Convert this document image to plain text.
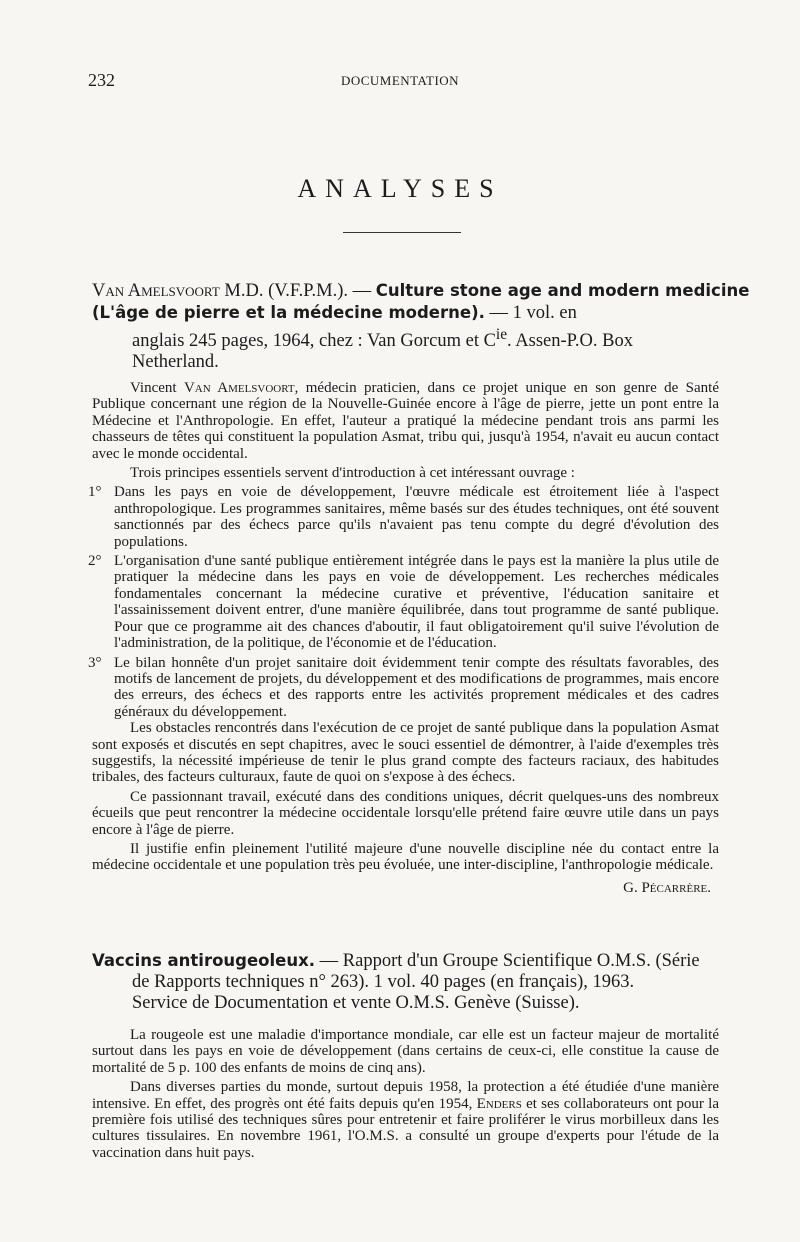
232	DOCUMENTATION
ANALYSES
Van Amelsvoort M.D. (V.F.P.M.). — Culture stone age and modern medicine (L'âge de pierre et la médecine moderne). — 1 vol. en
anglais 245 pages, 1964, chez : Van Gorcum et $C^{ie}$. Assen-P.O. Box
Netherland.

Vincent Van Amelsvoort, médecin praticien, dans ce projet unique en son genre de Santé Publique concernant une région de la Nouvelle-Guinée encore à l'âge de pierre, jette un pont entre la Médecine et l'Anthropologie. En effet, l'auteur a pratiqué la médecine pendant trois ans parmi les chasseurs de têtes qui constituent la population Asmat, tribu qui, jusqu'à 1954, n'avait eu aucun contact avec le monde occidental.

Trois principes essentiels servent d'introduction à cet intéressant ouvrage :

1° Dans les pays en voie de développement, l'œuvre médicale est étroitement liée à l'aspect anthropologique. Les programmes sanitaires, même basés sur des études techniques, ont été souvent sanctionnés par des échecs parce qu'ils n'avaient pas tenu compte du degré d'évolution des populations.
2° L'organisation d'une santé publique entièrement intégrée dans le pays est la manière la plus utile de pratiquer la médecine dans les pays en voie de développement. Les recherches médicales fondamentales concernant la médecine curative et préventive, l'éducation sanitaire et l'assainissement doivent entrer, d'une manière équilibrée, dans tout programme de santé publique. Pour que ce programme ait des chances d'aboutir, il faut obligatoirement qu'il suive l'évolution de l'administration, de la politique, de l'économie et de l'éducation.
3° Le bilan honnête d'un projet sanitaire doit évidemment tenir compte des résultats favorables, des motifs de lancement de projets, du développement et des modifications de programmes, mais encore des erreurs, des échecs et des rapports entre les activités proprement médicales et des cadres généraux du développement.

Les obstacles rencontrés dans l'exécution de ce projet de santé publique dans la population Asmat sont exposés et discutés en sept chapitres, avec le souci essentiel de démontrer, à l'aide d'exemples très suggestifs, la nécessité impérieuse de tenir le plus grand compte des facteurs raciaux, des habitudes tribales, des facteurs culturaux, faute de quoi on s'expose à des échecs.

Ce passionnant travail, exécuté dans des conditions uniques, décrit quelques-uns des nombreux écueils que peut rencontrer la médecine occidentale lorsqu'elle prétend faire œuvre utile dans un pays encore à l'âge de pierre.

Il justifie enfin pleinement l'utilité majeure d'une nouvelle discipline née du contact entre la médecine occidentale et une population très peu évoluée, une inter-discipline, l'anthropologie médicale.

G. Pécarrère.
Vaccins antirougeoleux. — Rapport d'un Groupe Scientifique O.M.S. (Série
de Rapports techniques n° 263). 1 vol. 40 pages (en français), 1963.
Service de Documentation et vente O.M.S. Genève (Suisse).

La rougeole est une maladie d'importance mondiale, car elle est un facteur majeur de mortalité surtout dans les pays en voie de développement (dans certains de ceux-ci, elle constitue la cause de mortalité de 5 p. 100 des enfants de moins de cinq ans).

Dans diverses parties du monde, surtout depuis 1958, la protection a été étudiée d'une manière intensive. En effet, des progrès ont été faits depuis qu'en 1954, Enders et ses collaborateurs ont pour la première fois utilisé des techniques sûres pour entretenir et faire proliférer le virus morbilleux dans les cultures tissulaires. En novembre 1961, l'O.M.S. a consulté un groupe d'experts pour l'étude de la vaccination dans huit pays.
